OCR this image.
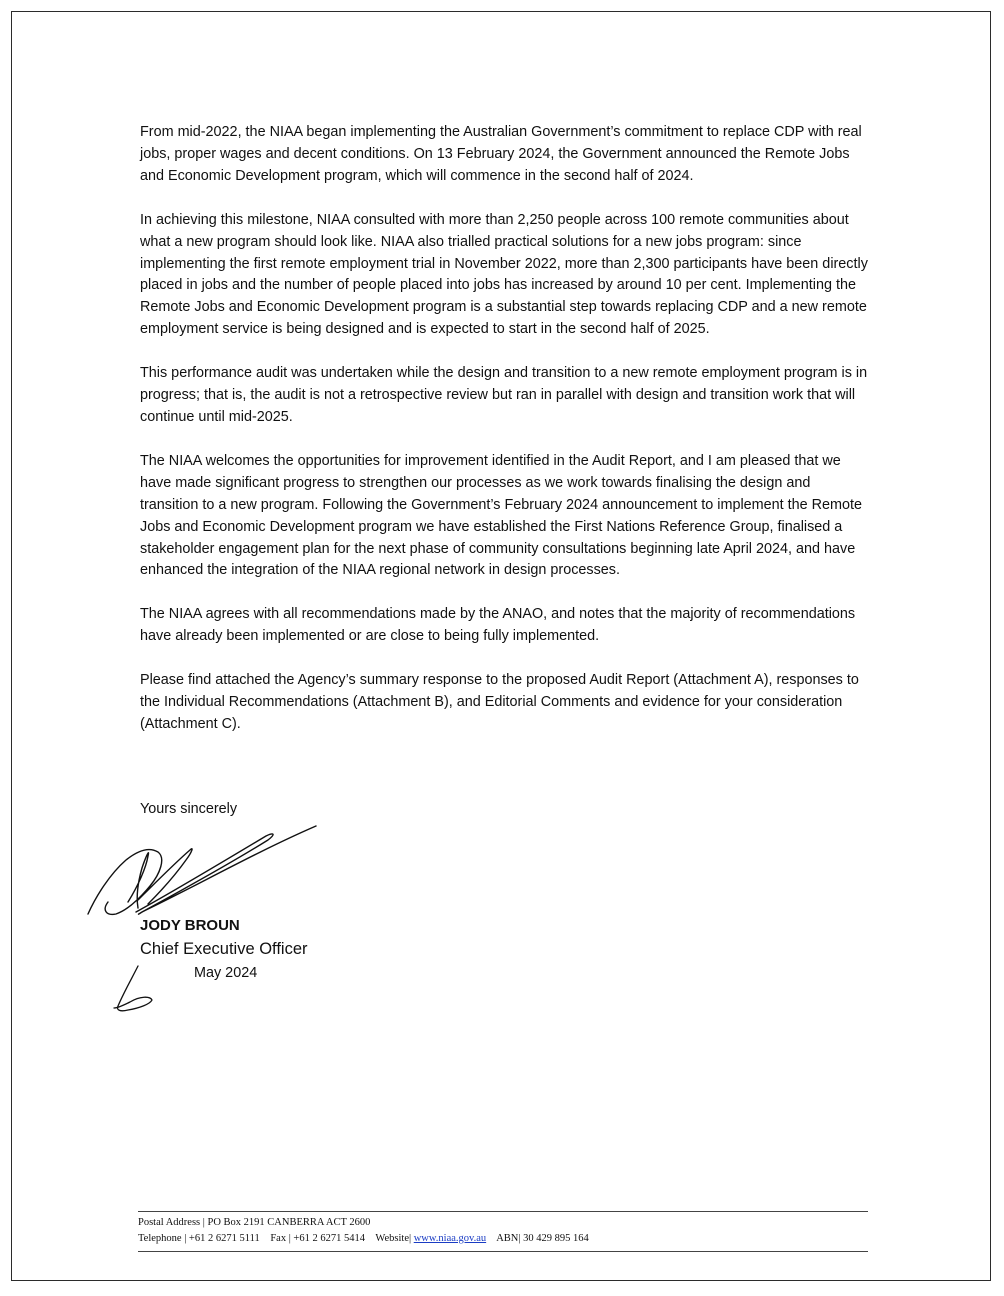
From mid-2022, the NIAA began implementing the Australian Government’s commitment to replace CDP with real jobs, proper wages and decent conditions. On 13 February 2024, the Government announced the Remote Jobs and Economic Development program, which will commence in the second half of 2024.

In achieving this milestone, NIAA consulted with more than 2,250 people across 100 remote communities about what a new program should look like. NIAA also trialled practical solutions for a new jobs program: since implementing the first remote employment trial in November 2022, more than 2,300 participants have been directly placed in jobs and the number of people placed into jobs has increased by around 10 per cent. Implementing the Remote Jobs and Economic Development program is a substantial step towards replacing CDP and a new remote employment service is being designed and is expected to start in the second half of 2025.

This performance audit was undertaken while the design and transition to a new remote employment program is in progress; that is, the audit is not a retrospective review but ran in parallel with design and transition work that will continue until mid-2025.

The NIAA welcomes the opportunities for improvement identified in the Audit Report, and I am pleased that we have made significant progress to strengthen our processes as we work towards finalising the design and transition to a new program. Following the Government’s February 2024 announcement to implement the Remote Jobs and Economic Development program we have established the First Nations Reference Group, finalised a stakeholder engagement plan for the next phase of community consultations beginning late April 2024, and have enhanced the integration of the NIAA regional network in design processes.

The NIAA agrees with all recommendations made by the ANAO, and notes that the majority of recommendations have already been implemented or are close to being fully implemented.

Please find attached the Agency’s summary response to the proposed Audit Report (Attachment A), responses to the Individual Recommendations (Attachment B), and Editorial Comments and evidence for your consideration (Attachment C).

Yours sincerely
JODY BROUN
Chief Executive Officer
May 2024
Postal Address | PO Box 2191 CANBERRA ACT 2600
Telephone | +61 2 6271 5111 Fax | +61 2 6271 5414 Website| www.niaa.gov.au ABN| 30 429 895 164
